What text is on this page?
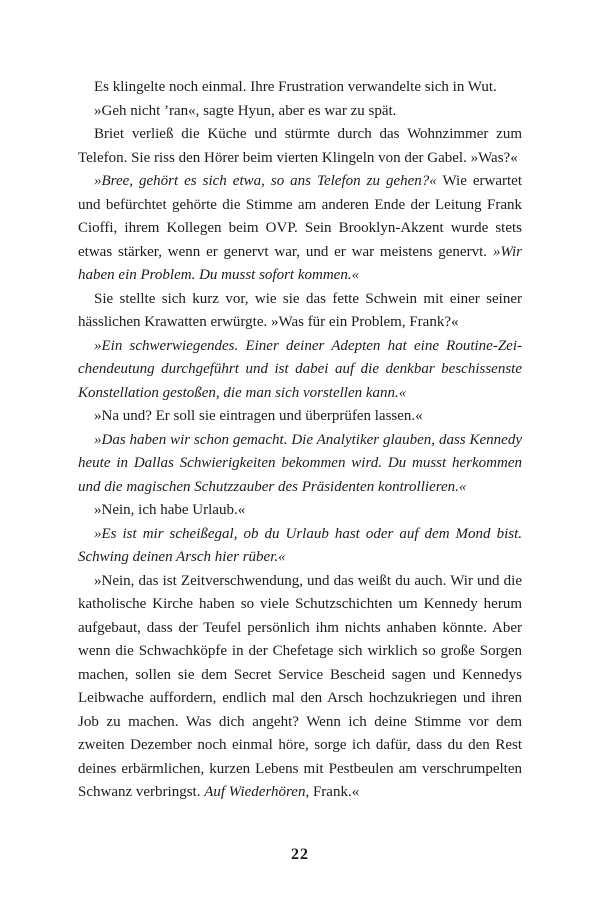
Es klingelte noch einmal. Ihre Frustration verwandelte sich in Wut.

»Geh nicht ’ran«, sagte Hyun, aber es war zu spät.

Briet verließ die Küche und stürmte durch das Wohnzimmer zum Telefon. Sie riss den Hörer beim vierten Klingeln von der Gabel. »Was?«

»Bree, gehört es sich etwa, so ans Telefon zu gehen?« Wie erwartet und befürchtet gehörte die Stimme am anderen Ende der Leitung Frank Cioffi, ihrem Kollegen beim OVP. Sein Brooklyn-Akzent wurde stets etwas stärker, wenn er genervt war, und er war meistens genervt. »Wir haben ein Problem. Du musst sofort kommen.«

Sie stellte sich kurz vor, wie sie das fette Schwein mit einer seiner hässlichen Krawatten erwürgte. »Was für ein Problem, Frank?«

»Ein schwerwiegendes. Einer deiner Adepten hat eine Routine-Zeichendeutung durchgeführt und ist dabei auf die denkbar beschissenste Konstellation gestoßen, die man sich vorstellen kann.«

»Na und? Er soll sie eintragen und überprüfen lassen.«

»Das haben wir schon gemacht. Die Analytiker glauben, dass Kennedy heute in Dallas Schwierigkeiten bekommen wird. Du musst herkommen und die magischen Schutzzauber des Präsidenten kontrollieren.«

»Nein, ich habe Urlaub.«

»Es ist mir scheißegal, ob du Urlaub hast oder auf dem Mond bist. Schwing deinen Arsch hier rüber.«

»Nein, das ist Zeitverschwendung, und das weißt du auch. Wir und die katholische Kirche haben so viele Schutzschichten um Kennedy herum aufgebaut, dass der Teufel persönlich ihm nichts anhaben könnte. Aber wenn die Schwachköpfe in der Chefetage sich wirklich so große Sorgen machen, sollen sie dem Secret Service Bescheid sagen und Kennedys Leibwache auffordern, endlich mal den Arsch hochzukriegen und ihren Job zu machen. Was dich angeht? Wenn ich deine Stimme vor dem zweiten Dezember noch einmal höre, sorge ich dafür, dass du den Rest deines erbärmlichen, kurzen Lebens mit Pestbeulen am verschrumpelten Schwanz verbringst. Auf Wiederhören, Frank.«

22
